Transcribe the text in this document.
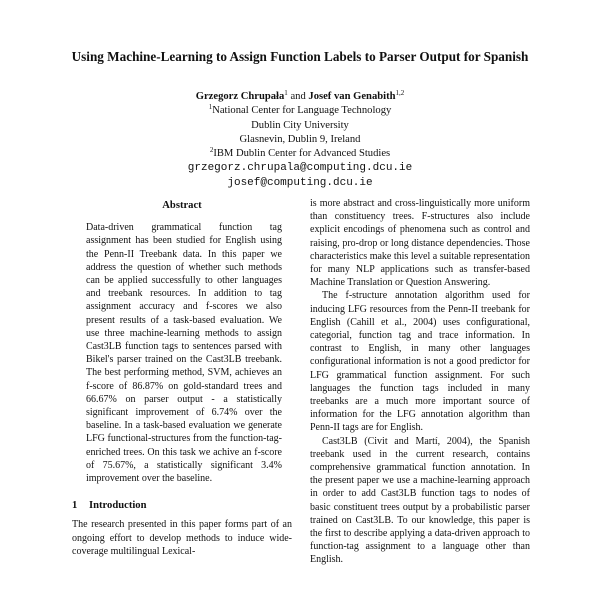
Using Machine-Learning to Assign Function Labels to Parser Output for Spanish
Grzegorz Chrupała$^1$ and Josef van Genabith$^{1,2}$
$^1$National Center for Language Technology
Dublin City University
Glasnevin, Dublin 9, Ireland
$^2$IBM Dublin Center for Advanced Studies
grzegorz.chrupala@computing.dcu.ie
josef@computing.dcu.ie
Abstract

Data-driven grammatical function tag assignment has been studied for English using the Penn-II Treebank data. In this paper we address the question of whether such methods can be applied successfully to other languages and treebank resources. In addition to tag assignment accuracy and f-scores we also present results of a task-based evaluation. We use three machine-learning methods to assign Cast3LB function tags to sentences parsed with Bikel's parser trained on the Cast3LB treebank. The best performing method, SVM, achieves an f-score of 86.87% on gold-standard trees and 66.67% on parser output - a statistically significant improvement of 6.74% over the baseline. In a task-based evaluation we generate LFG functional-structures from the function-tag-enriched trees. On this task we achive an f-score of 75.67%, a statistically significant 3.4% improvement over the baseline.

1 Introduction

The research presented in this paper forms part of an ongoing effort to develop methods to induce wide-coverage multilingual Lexical-

is more abstract and cross-linguistically more uniform than constituency trees. F-structures also include explicit encodings of phenomena such as control and raising, pro-drop or long distance dependencies. Those characteristics make this level a suitable representation for many NLP applications such as transfer-based Machine Translation or Question Answering.

The f-structure annotation algorithm used for inducing LFG resources from the Penn-II treebank for English (Cahill et al., 2004) uses configurational, categorial, function tag and trace information. In contrast to English, in many other languages configurational information is not a good predictor for LFG grammatical function assignment. For such languages the function tags included in many treebanks are a much more important source of information for the LFG annotation algorithm than Penn-II tags are for English.

Cast3LB (Civit and Martí, 2004), the Spanish treebank used in the current research, contains comprehensive grammatical function annotation. In the present paper we use a machine-learning approach in order to add Cast3LB function tags to nodes of basic constituent trees output by a probabilistic parser trained on Cast3LB. To our knowledge, this paper is the first to describe applying a data-driven approach to function-tag assignment to a language other than English.
